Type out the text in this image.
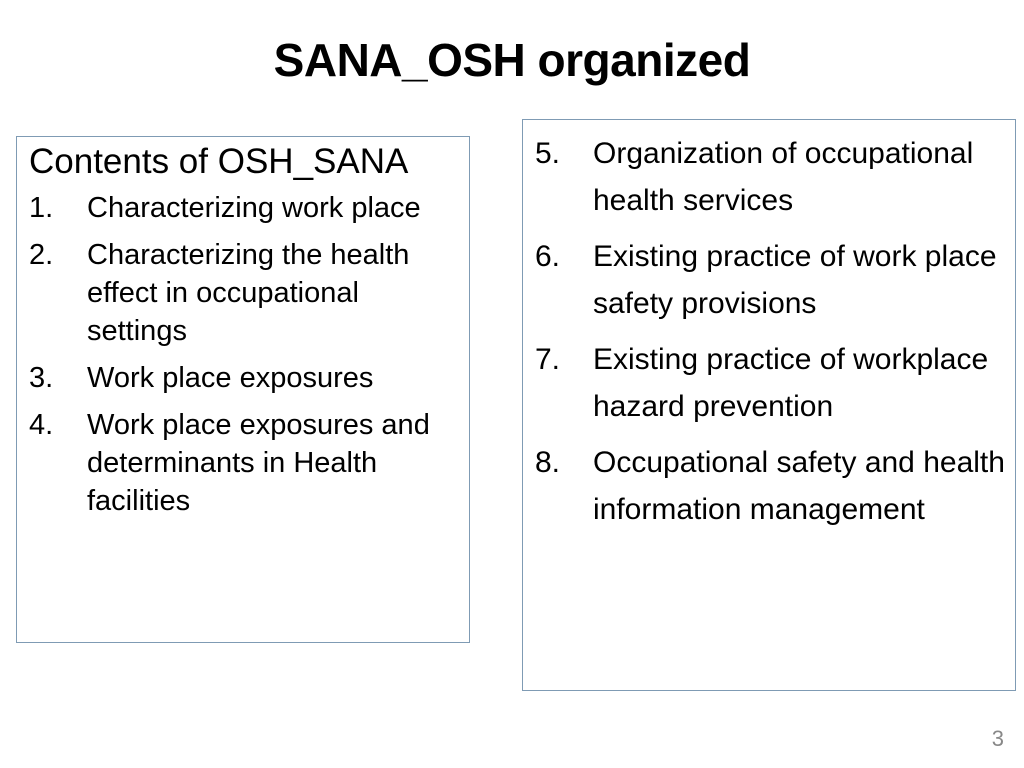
SANA_OSH organized
Contents of OSH_SANA
1.	Characterizing work place
2.	Characterizing the health effect in occupational settings
3.	Work place exposures
4.	Work place exposures and determinants in Health facilities
5.	Organization of occupational health services
6.	Existing practice of work place safety provisions
7.	Existing practice of workplace hazard prevention
8.	Occupational safety and health information management
3
